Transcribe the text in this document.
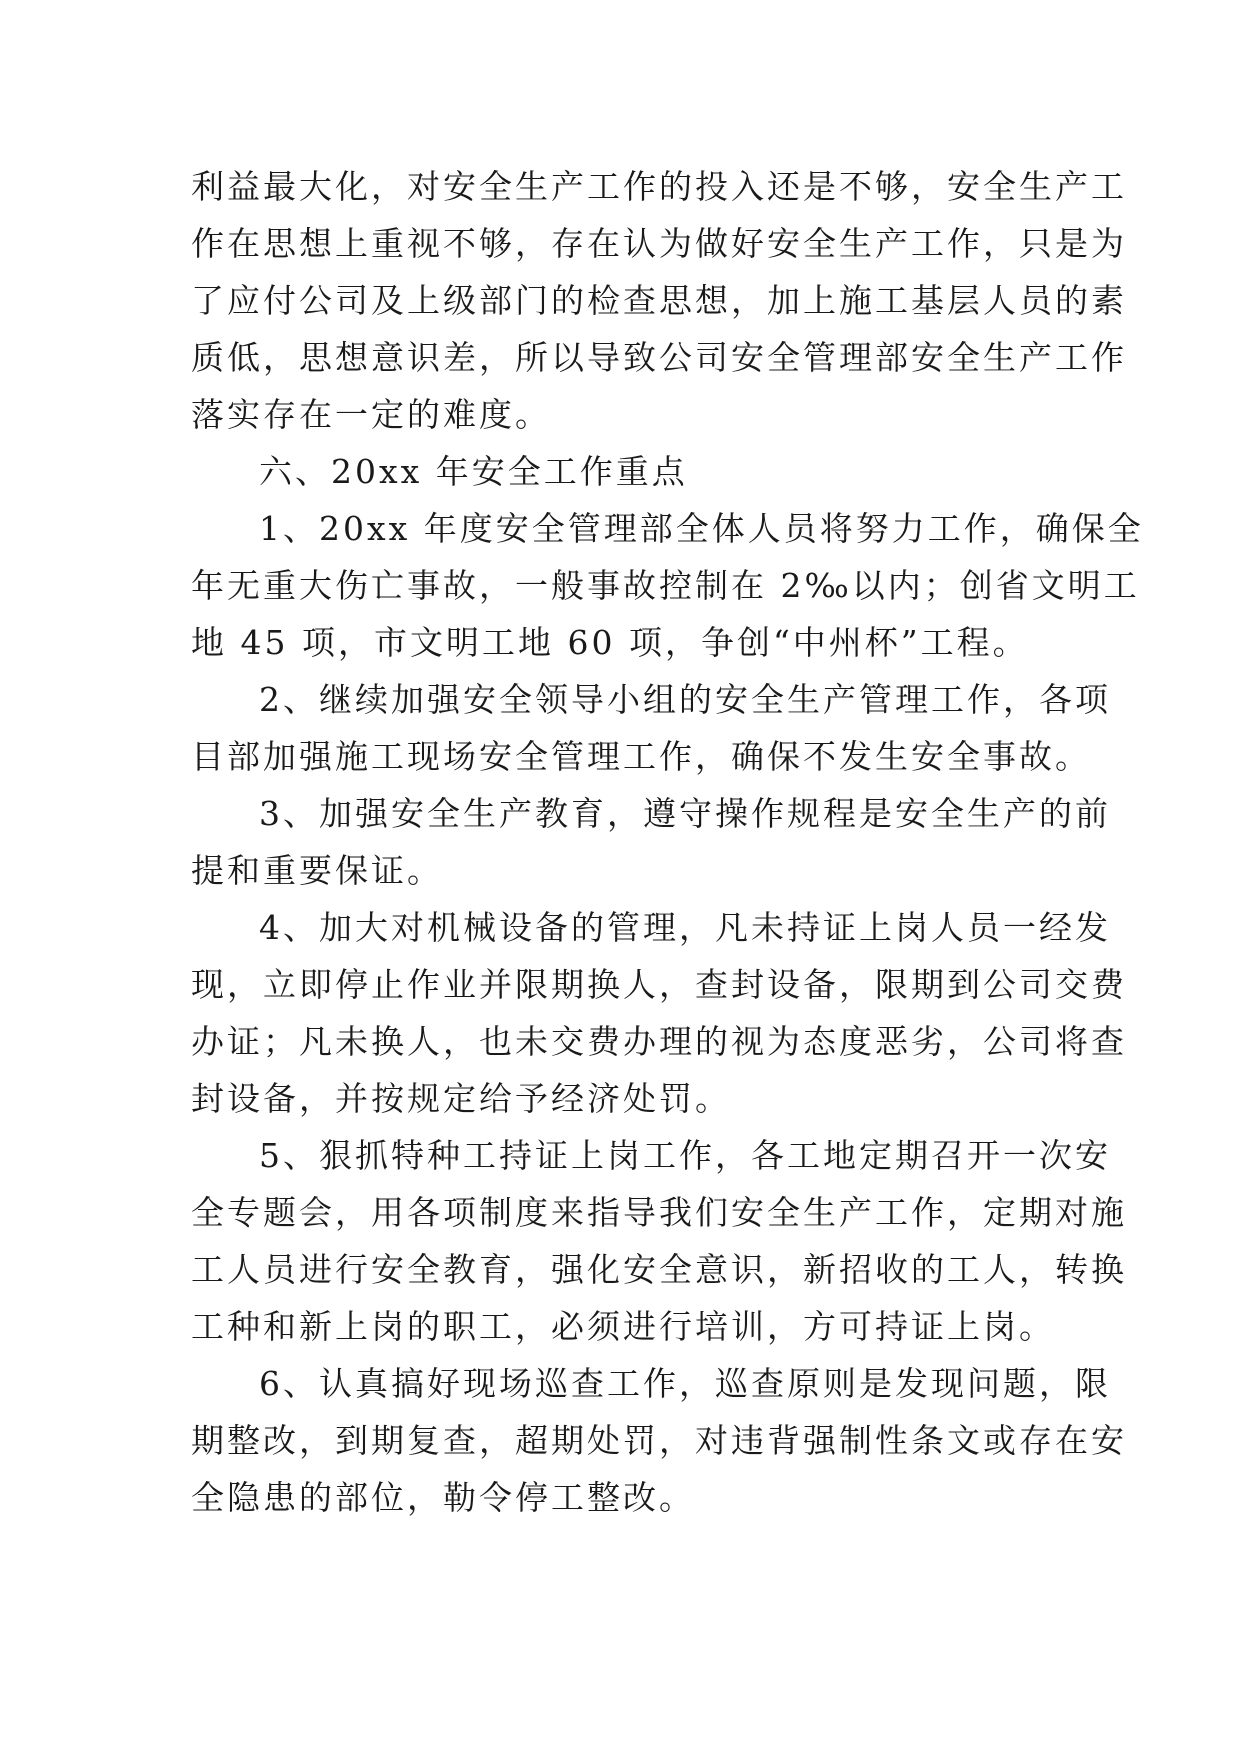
利益最大化，对安全生产工作的投入还是不够，安全生产工
作在思想上重视不够，存在认为做好安全生产工作，只是为
了应付公司及上级部门的检查思想，加上施工基层人员的素
质低，思想意识差，所以导致公司安全管理部安全生产工作
落实存在一定的难度。

六、20xx 年安全工作重点

1、20xx 年度安全管理部全体人员将努力工作，确保全
年无重大伤亡事故，一般事故控制在 2‰以内；创省文明工
地 45 项，市文明工地 60 项，争创“中州杯”工程。

2、继续加强安全领导小组的安全生产管理工作，各项
目部加强施工现场安全管理工作，确保不发生安全事故。

3、加强安全生产教育，遵守操作规程是安全生产的前
提和重要保证。

4、加大对机械设备的管理，凡未持证上岗人员一经发
现，立即停止作业并限期换人，查封设备，限期到公司交费
办证；凡未换人，也未交费办理的视为态度恶劣，公司将查
封设备，并按规定给予经济处罚。

5、狠抓特种工持证上岗工作，各工地定期召开一次安
全专题会，用各项制度来指导我们安全生产工作，定期对施
工人员进行安全教育，强化安全意识，新招收的工人，转换
工种和新上岗的职工，必须进行培训，方可持证上岗。

6、认真搞好现场巡查工作，巡查原则是发现问题，限
期整改，到期复查，超期处罚，对违背强制性条文或存在安
全隐患的部位，勒令停工整改。
